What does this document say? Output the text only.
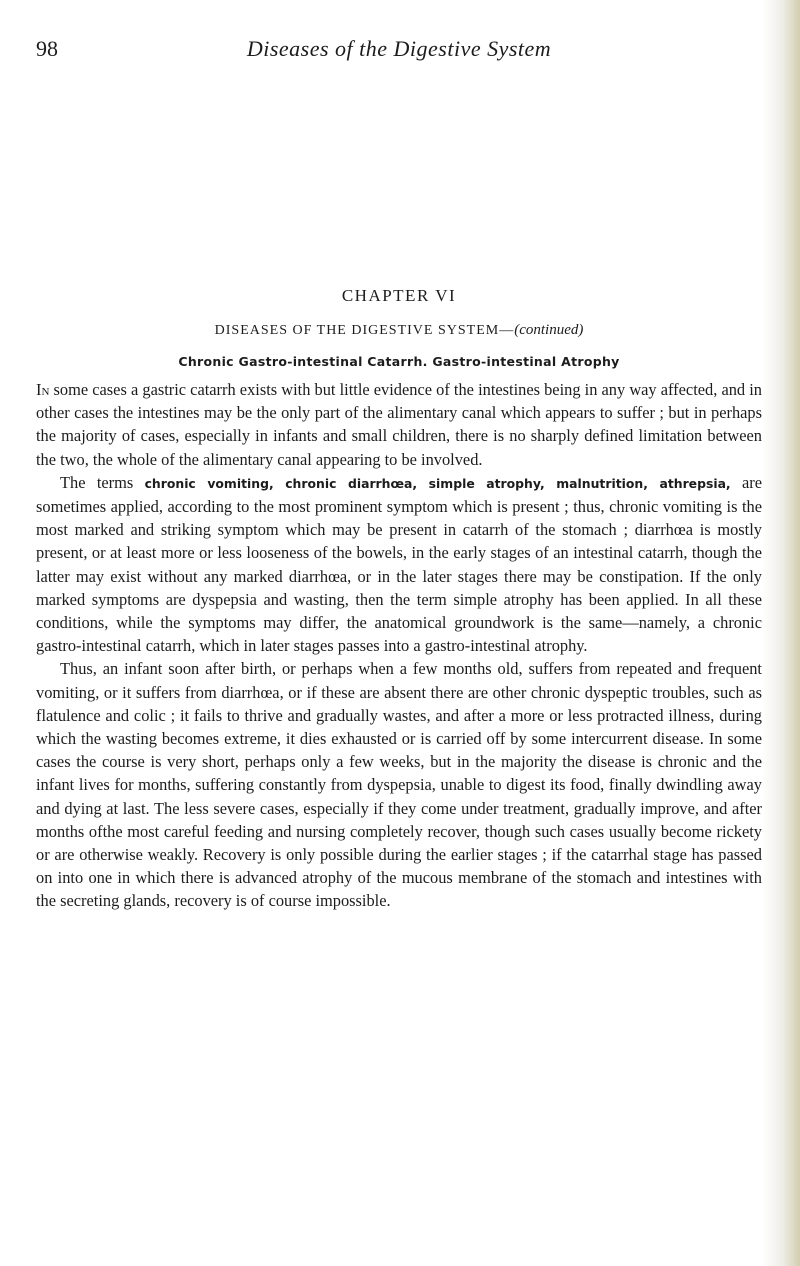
98	Diseases of the Digestive System
CHAPTER VI
DISEASES OF THE DIGESTIVE SYSTEM—(continued)
Chronic Gastro-intestinal Catarrh. Gastro-intestinal Atrophy

In some cases a gastric catarrh exists with but little evidence of the intestines being in any way affected, and in other cases the intestines may be the only part of the alimentary canal which appears to suffer ; but in perhaps the majority of cases, especially in infants and small children, there is no sharply defined limitation between the two, the whole of the alimentary canal appearing to be involved.

The terms chronic vomiting, chronic diarrhœa, simple atrophy, malnutrition, athrepsia, are sometimes applied, according to the most prominent symptom which is present ; thus, chronic vomiting is the most marked and striking symptom which may be present in catarrh of the stomach ; diarrhœa is mostly present, or at least more or less looseness of the bowels, in the early stages of an intestinal catarrh, though the latter may exist without any marked diarrhœa, or in the later stages there may be constipation. If the only marked symptoms are dyspepsia and wasting, then the term simple atrophy has been applied. In all these conditions, while the symptoms may differ, the anatomical groundwork is the same—namely, a chronic gastro-intestinal catarrh, which in later stages passes into a gastro-intestinal atrophy.

Thus, an infant soon after birth, or perhaps when a few months old, suffers from repeated and frequent vomiting, or it suffers from diarrhœa, or if these are absent there are other chronic dyspeptic troubles, such as flatulence and colic ; it fails to thrive and gradually wastes, and after a more or less protracted illness, during which the wasting becomes extreme, it dies exhausted or is carried off by some intercurrent disease. In some cases the course is very short, perhaps only a few weeks, but in the majority the disease is chronic and the infant lives for months, suffering constantly from dyspepsia, unable to digest its food, finally dwindling away and dying at last. The less severe cases, especially if they come under treatment, gradually improve, and after months ofthe most careful feeding and nursing completely recover, though such cases usually become rickety or are otherwise weakly. Recovery is only possible during the earlier stages ; if the catarrhal stage has passed on into one in which there is advanced atrophy of the mucous membrane of the stomach and intestines with the secreting glands, recovery is of course impossible.
